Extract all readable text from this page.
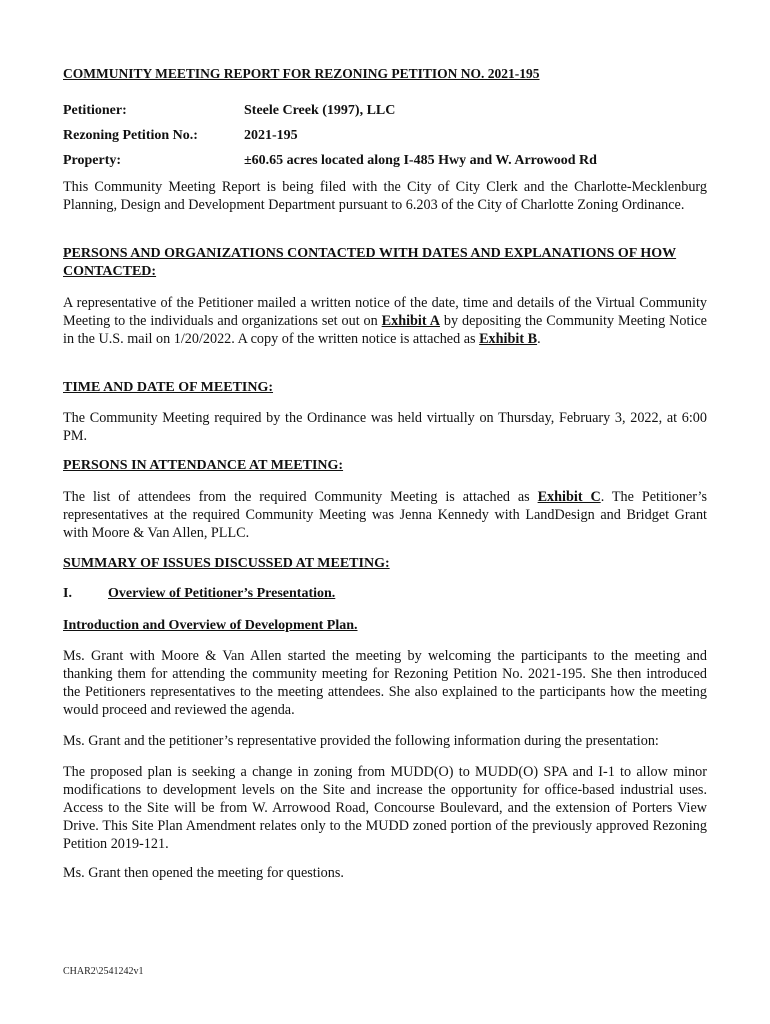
COMMUNITY MEETING REPORT FOR REZONING PETITION NO. 2021-195
Petitioner:	Steele Creek (1997), LLC
Rezoning Petition No.:	2021-195
Property:	±60.65 acres located along I-485 Hwy and W. Arrowood Rd

This Community Meeting Report is being filed with the City of City Clerk and the Charlotte-Mecklenburg Planning, Design and Development Department pursuant to 6.203 of the City of Charlotte Zoning Ordinance.

PERSONS AND ORGANIZATIONS CONTACTED WITH DATES AND EXPLANATIONS OF HOW CONTACTED:

A representative of the Petitioner mailed a written notice of the date, time and details of the Virtual Community Meeting to the individuals and organizations set out on Exhibit A by depositing the Community Meeting Notice in the U.S. mail on 1/20/2022. A copy of the written notice is attached as Exhibit B.

TIME AND DATE OF MEETING:

The Community Meeting required by the Ordinance was held virtually on Thursday, February 3, 2022, at 6:00 PM.

PERSONS IN ATTENDANCE AT MEETING:

The list of attendees from the required Community Meeting is attached as Exhibit C. The Petitioner’s representatives at the required Community Meeting was Jenna Kennedy with LandDesign and Bridget Grant with Moore & Van Allen, PLLC.

SUMMARY OF ISSUES DISCUSSED AT MEETING:
I.	Overview of Petitioner’s Presentation.
Introduction and Overview of Development Plan.

Ms. Grant with Moore & Van Allen started the meeting by welcoming the participants to the meeting and thanking them for attending the community meeting for Rezoning Petition No. 2021-195. She then introduced the Petitioners representatives to the meeting attendees. She also explained to the participants how the meeting would proceed and reviewed the agenda.

Ms. Grant and the petitioner’s representative provided the following information during the presentation:

The proposed plan is seeking a change in zoning from MUDD(O) to MUDD(O) SPA and I-1 to allow minor modifications to development levels on the Site and increase the opportunity for office-based industrial uses. Access to the Site will be from W. Arrowood Road, Concourse Boulevard, and the extension of Porters View Drive. This Site Plan Amendment relates only to the MUDD zoned portion of the previously approved Rezoning Petition 2019-121.

Ms. Grant then opened the meeting for questions.

CHAR2\2541242v1
